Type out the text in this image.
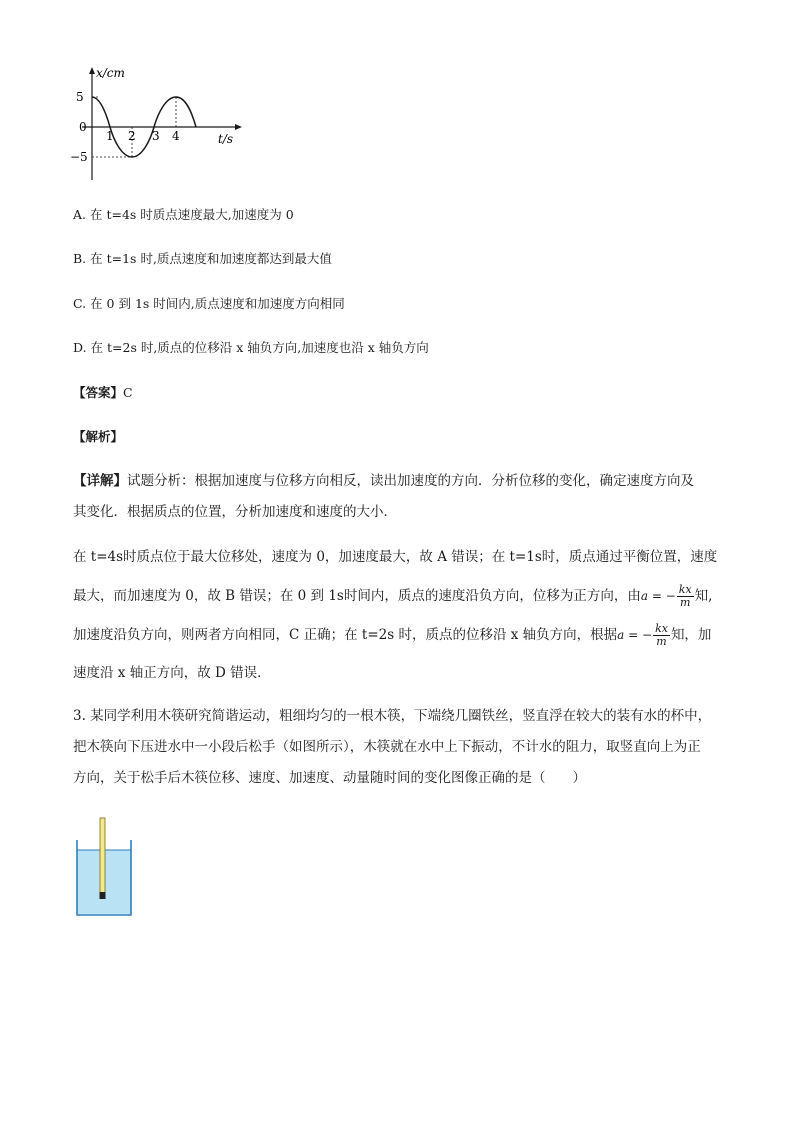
x/cm
5
0
−5
1 2 3 4	t/s
A. 在 t=4s 时质点速度最大,加速度为 0
B. 在 t=1s 时,质点速度和加速度都达到最大值
C. 在 0 到 1s 时间内,质点速度和加速度方向相同
D. 在 t=2s 时,质点的位移沿 x 轴负方向,加速度也沿 x 轴负方向
【答案】C
【解析】
【详解】试题分析：根据加速度与位移方向相反，读出加速度的方向．分析位移的变化，确定速度方向及
其变化．根据质点的位置，分析加速度和速度的大小．
在 t=4s时质点位于最大位移处，速度为 0，加速度最大，故 A 错误；在 t=1s时，质点通过平衡位置，速度
最大，而加速度为 0，故 B 错误；在 0 到 1s时间内，质点的速度沿负方向，位移为正方向，由 a = − $\frac{kx}{m}$ 知,
加速度沿负方向，则两者方向相同，C 正确；在 t=2s 时，质点的位移沿 x 轴负方向，根据 a = − $\frac{kx}{m}$ 知，加
速度沿 x 轴正方向，故 D 错误．
3. 某同学利用木筷研究简谐运动，粗细均匀的一根木筷，下端绕几圈铁丝，竖直浮在较大的装有水的杯中，
把木筷向下压进水中一小段后松手（如图所示），木筷就在水中上下振动，不计水的阻力，取竖直向上为正
方向，关于松手后木筷位移、速度、加速度、动量随时间的变化图像正确的是（　　）
